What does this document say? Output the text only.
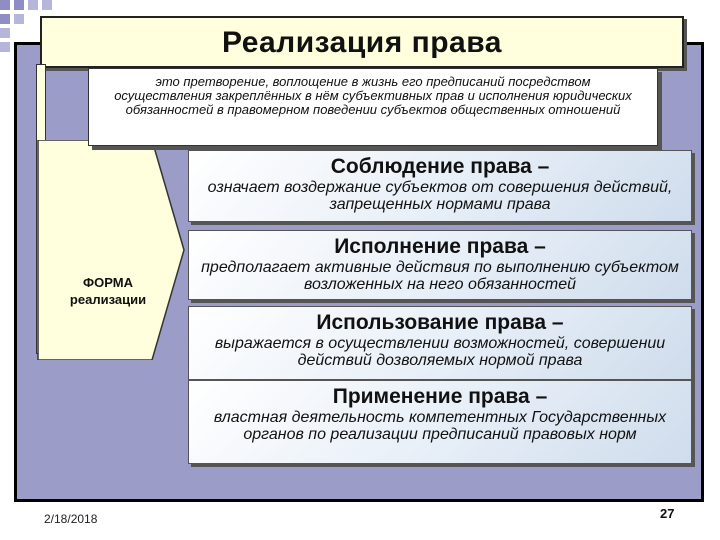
Реализация права
ФОРМА
реализации
это претворение, воплощение в жизнь его предписаний посредством осуществления закреплённых в нём субъективных прав и исполнения юридических обязанностей в правомерном поведении субъектов общественных отношений
Соблюдение права –
означает воздержание субъектов от совершения действий, запрещенных нормами права
Исполнение права –
предполагает активные действия по выполнению субъектом возложенных на него обязанностей
Использование права –
выражается в осуществлении возможностей, совершении действий дозволяемых нормой права
Применение права –
властная деятельность компетентных Государственных органов по реализации предписаний правовых норм
2/18/2018	27
